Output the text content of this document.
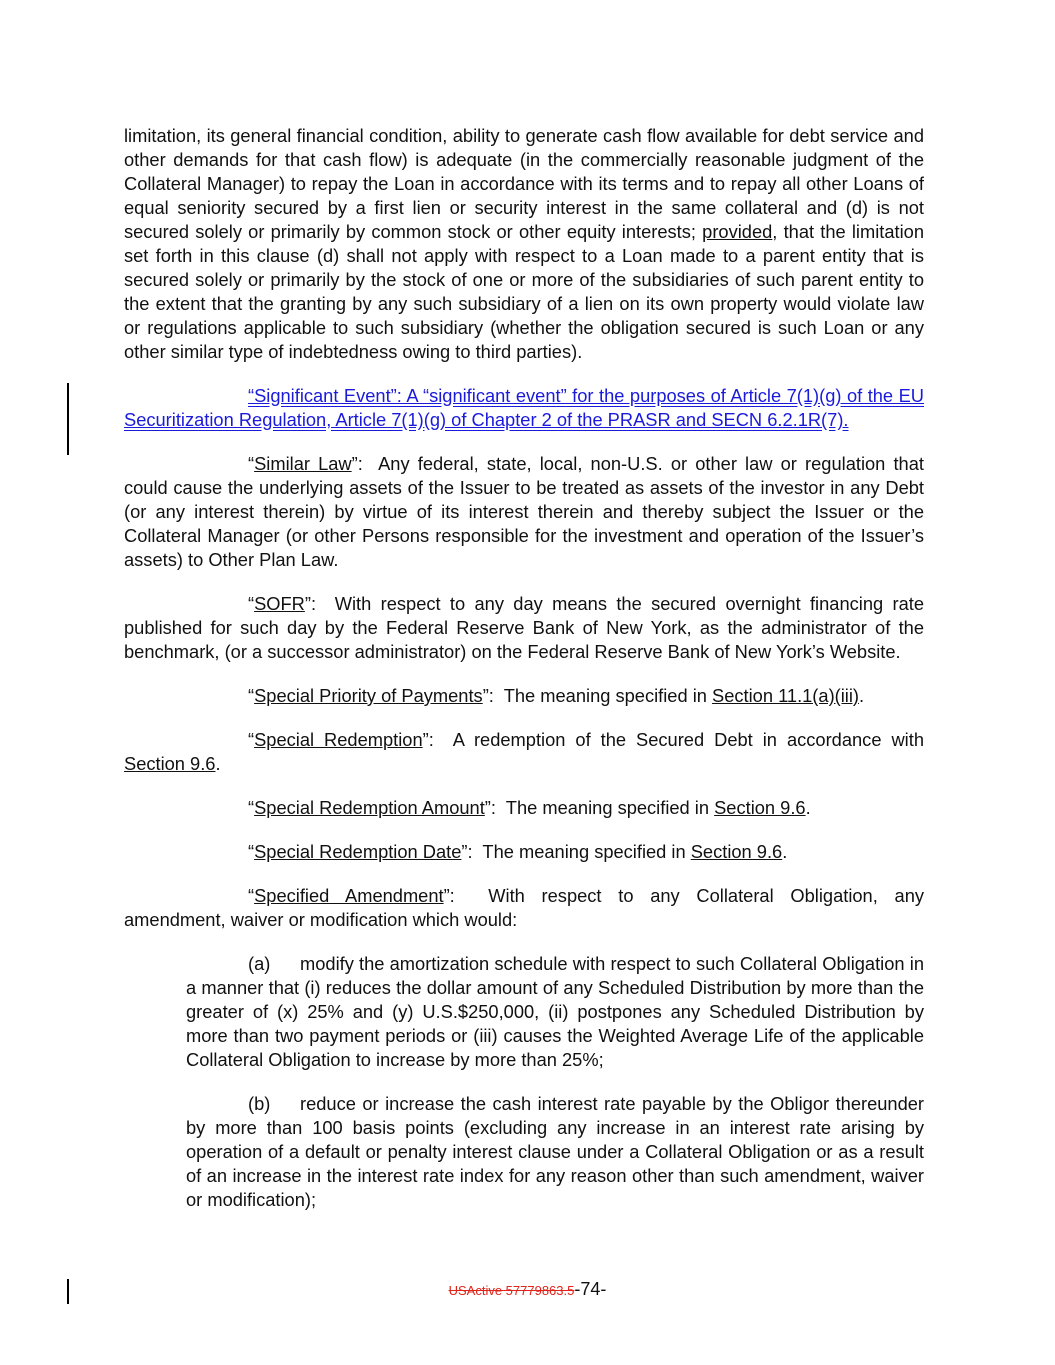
limitation, its general financial condition, ability to generate cash flow available for debt service and other demands for that cash flow) is adequate (in the commercially reasonable judgment of the Collateral Manager) to repay the Loan in accordance with its terms and to repay all other Loans of equal seniority secured by a first lien or security interest in the same collateral and (d) is not secured solely or primarily by common stock or other equity interests; provided, that the limitation set forth in this clause (d) shall not apply with respect to a Loan made to a parent entity that is secured solely or primarily by the stock of one or more of the subsidiaries of such parent entity to the extent that the granting by any such subsidiary of a lien on its own property would violate law or regulations applicable to such subsidiary (whether the obligation secured is such Loan or any other similar type of indebtedness owing to third parties).

“Significant Event”: A “significant event” for the purposes of Article 7(1)(g) of the EU Securitization Regulation, Article 7(1)(g) of Chapter 2 of the PRASR and SECN 6.2.1R(7).

“Similar Law”:  Any federal, state, local, non-U.S. or other law or regulation that could cause the underlying assets of the Issuer to be treated as assets of the investor in any Debt (or any interest therein) by virtue of its interest therein and thereby subject the Issuer or the Collateral Manager (or other Persons responsible for the investment and operation of the Issuer’s assets) to Other Plan Law.

“SOFR”:  With respect to any day means the secured overnight financing rate published for such day by the Federal Reserve Bank of New York, as the administrator of the benchmark, (or a successor administrator) on the Federal Reserve Bank of New York’s Website.

“Special Priority of Payments”:  The meaning specified in Section 11.1(a)(iii).

“Special Redemption”:  A redemption of the Secured Debt in accordance with Section 9.6.

“Special Redemption Amount”:  The meaning specified in Section 9.6.

“Special Redemption Date”:  The meaning specified in Section 9.6.

“Specified Amendment”:  With respect to any Collateral Obligation, any amendment, waiver or modification which would:

(a) modify the amortization schedule with respect to such Collateral Obligation in a manner that (i) reduces the dollar amount of any Scheduled Distribution by more than the greater of (x) 25% and (y) U.S.$250,000, (ii) postpones any Scheduled Distribution by more than two payment periods or (iii) causes the Weighted Average Life of the applicable Collateral Obligation to increase by more than 25%;

(b) reduce or increase the cash interest rate payable by the Obligor thereunder by more than 100 basis points (excluding any increase in an interest rate arising by operation of a default or penalty interest clause under a Collateral Obligation or as a result of an increase in the interest rate index for any reason other than such amendment, waiver or modification);

USActive 57779863.5-74-
